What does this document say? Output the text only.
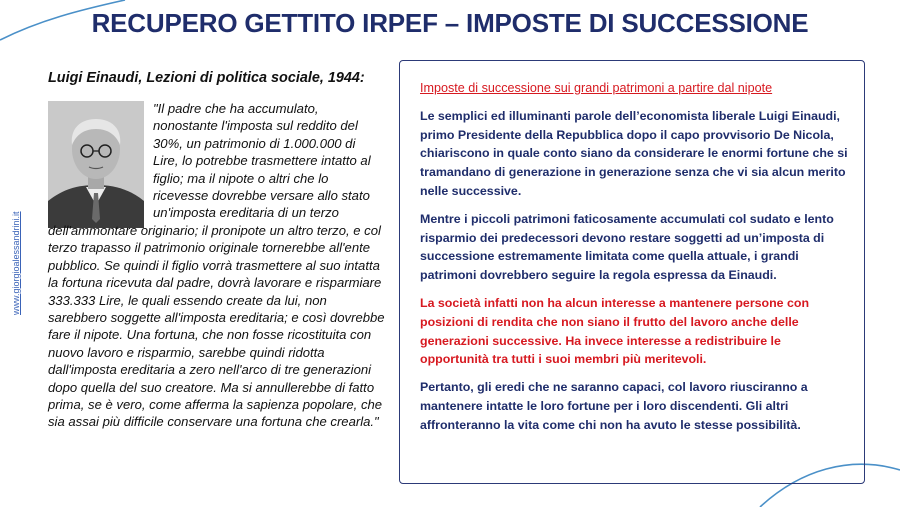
RECUPERO GETTITO IRPEF – IMPOSTE DI SUCCESSIONE
www.giorgioalessandrini.it
Luigi Einaudi, Lezioni di politica sociale, 1944:

"Il padre che ha accumulato, nonostante l'imposta sul reddito del 30%, un patrimonio di 1.000.000 di Lire, lo potrebbe trasmettere intatto al figlio; ma il nipote o altri che lo ricevesse dovrebbe versare allo stato un'imposta ereditaria di un terzo

dell'ammontare originario; il pronipote un altro terzo, e col terzo trapasso il patrimonio originale tornerebbe all'ente pubblico. Se quindi il figlio vorrà trasmettere al suo intatta la fortuna ricevuta dal padre, dovrà lavorare e risparmiare 333.333 Lire, le quali essendo create da lui, non sarebbero soggette all'imposta ereditaria; e così dovrebbe fare il nipote. Una fortuna, che non fosse ricostituita con nuovo lavoro e risparmio, sarebbe quindi ridotta dall'imposta ereditaria a zero nell'arco di tre generazioni dopo quella del suo creatore. Ma si annullerebbe di fatto prima, se è vero, come afferma la sapienza popolare, che sia assai più difficile conservare una fortuna che crearla."

Imposte di successione sui grandi patrimoni a partire dal nipote

Le semplici ed illuminanti parole dell’economista liberale Luigi Einaudi, primo Presidente della Repubblica dopo il capo provvisorio De Nicola, chiariscono in quale conto siano da considerare le enormi fortune che si tramandano di generazione in generazione senza che vi sia alcun merito nelle successive.

Mentre i piccoli patrimoni faticosamente accumulati col sudato e lento risparmio dei predecessori devono restare soggetti ad un’imposta di successione estremamente limitata come quella attuale, i grandi patrimoni dovrebbero seguire la regola espressa da Einaudi.

La società infatti non ha alcun interesse a mantenere persone con posizioni di rendita che non siano il frutto del lavoro anche delle generazioni successive. Ha invece interesse a redistribuire le opportunità tra tutti i suoi membri più meritevoli.

Pertanto, gli eredi che ne saranno capaci, col lavoro riusciranno a mantenere intatte le loro fortune per i loro discendenti. Gli altri affronteranno la vita come chi non ha avuto le stesse possibilità.
